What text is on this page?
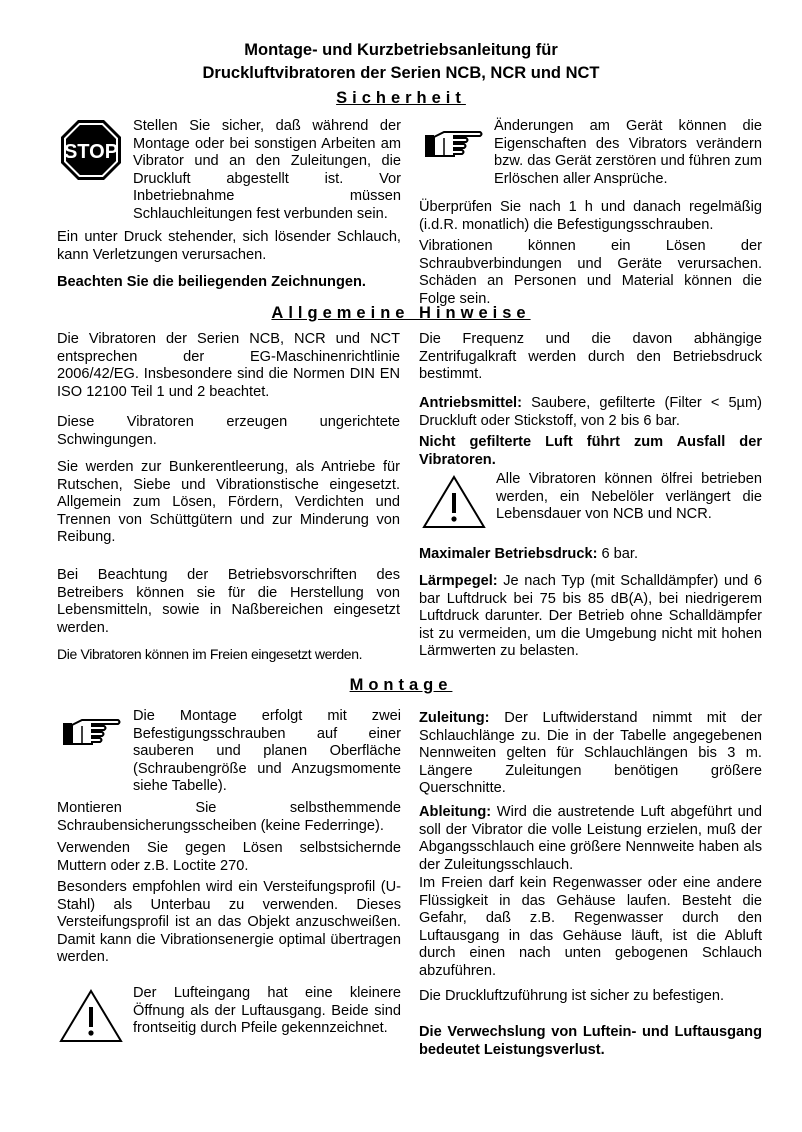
Montage- und Kurzbetriebsanleitung für
Druckluftvibratoren der Serien NCB, NCR und NCT
Sicherheit
STOP
Stellen Sie sicher, daß während der Montage oder bei sonstigen Arbeiten am Vibrator und an den Zuleitungen, die Druckluft abgestellt ist. Vor Inbetriebnahme müssen Schlauchleitungen fest verbunden sein.
Ein unter Druck stehender, sich lösender Schlauch, kann Verletzungen verursachen.
Beachten Sie die beiliegenden Zeichnungen.
Änderungen am Gerät können die Eigenschaften des Vibrators verändern bzw. das Gerät zerstören und führen zum Erlöschen aller Ansprüche.
Überprüfen Sie nach 1 h und danach regelmäßig (i.d.R. monatlich) die Befestigungsschrauben.
Vibrationen können ein Lösen der Schraubverbindungen und Geräte verursachen. Schäden an Personen und Material können die Folge sein.
Allgemeine Hinweise
Die Vibratoren der Serien NCB, NCR und NCT entsprechen der EG-Maschinenrichtlinie 2006/42/EG. Insbesondere sind die Normen DIN EN ISO 12100 Teil 1 und 2 beachtet.
Diese Vibratoren erzeugen ungerichtete Schwingungen.
Sie werden zur Bunkerentleerung, als Antriebe für Rutschen, Siebe und Vibrationstische eingesetzt. Allgemein zum Lösen, Fördern, Verdichten und Trennen von Schüttgütern und zur Minderung von Reibung.
Bei Beachtung der Betriebsvorschriften des Betreibers können sie für die Herstellung von Lebensmitteln, sowie in Naßbereichen eingesetzt werden.
Die Vibratoren können im Freien eingesetzt werden.
Die Frequenz und die davon abhängige Zentrifugalkraft werden durch den Betriebsdruck bestimmt.
Antriebsmittel: Saubere, gefilterte (Filter < 5µm) Druckluft oder Stickstoff, von 2 bis 6 bar.
Nicht gefilterte Luft führt zum Ausfall der Vibratoren.
Alle Vibratoren können ölfrei betrieben werden, ein Nebelöler verlängert die Lebensdauer von NCB und NCR.
Maximaler Betriebsdruck: 6 bar.
Lärmpegel: Je nach Typ (mit Schalldämpfer) und 6 bar Luftdruck bei 75 bis 85 dB(A), bei niedrigerem Luftdruck darunter. Der Betrieb ohne Schalldämpfer ist zu vermeiden, um die Umgebung nicht mit hohen Lärmwerten zu belasten.
Montage
Die Montage erfolgt mit zwei Befestigungsschrauben auf einer sauberen und planen Oberfläche (Schraubengröße und Anzugsmomente siehe Tabelle).
Montieren Sie selbsthemmende Schraubensicherungsscheiben (keine Federringe).
Verwenden Sie gegen Lösen selbstsichernde Muttern oder z.B. Loctite 270.
Besonders empfohlen wird ein Versteifungsprofil (U-Stahl) als Unterbau zu verwenden. Dieses Versteifungsprofil ist an das Objekt anzuschweißen. Damit kann die Vibrationsenergie optimal übertragen werden.
Der Lufteingang hat eine kleinere Öffnung als der Luftausgang. Beide sind frontseitig durch Pfeile gekennzeichnet.
Zuleitung: Der Luftwiderstand nimmt mit der Schlauchlänge zu. Die in der Tabelle angegebenen Nennweiten gelten für Schlauchlängen bis 3 m. Längere Zuleitungen benötigen größere Querschnitte.
Ableitung: Wird die austretende Luft abgeführt und soll der Vibrator die volle Leistung erzielen, muß der Abgangsschlauch eine größere Nennweite haben als der Zuleitungsschlauch.
Im Freien darf kein Regenwasser oder eine andere Flüssigkeit in das Gehäuse laufen. Besteht die Gefahr, daß z.B. Regenwasser durch den Luftausgang in das Gehäuse läuft, ist die Abluft durch einen nach unten gebogenen Schlauch abzuführen.
Die Druckluftzuführung ist sicher zu befestigen.
Die Verwechslung von Luftein- und Luftausgang bedeutet Leistungsverlust.
